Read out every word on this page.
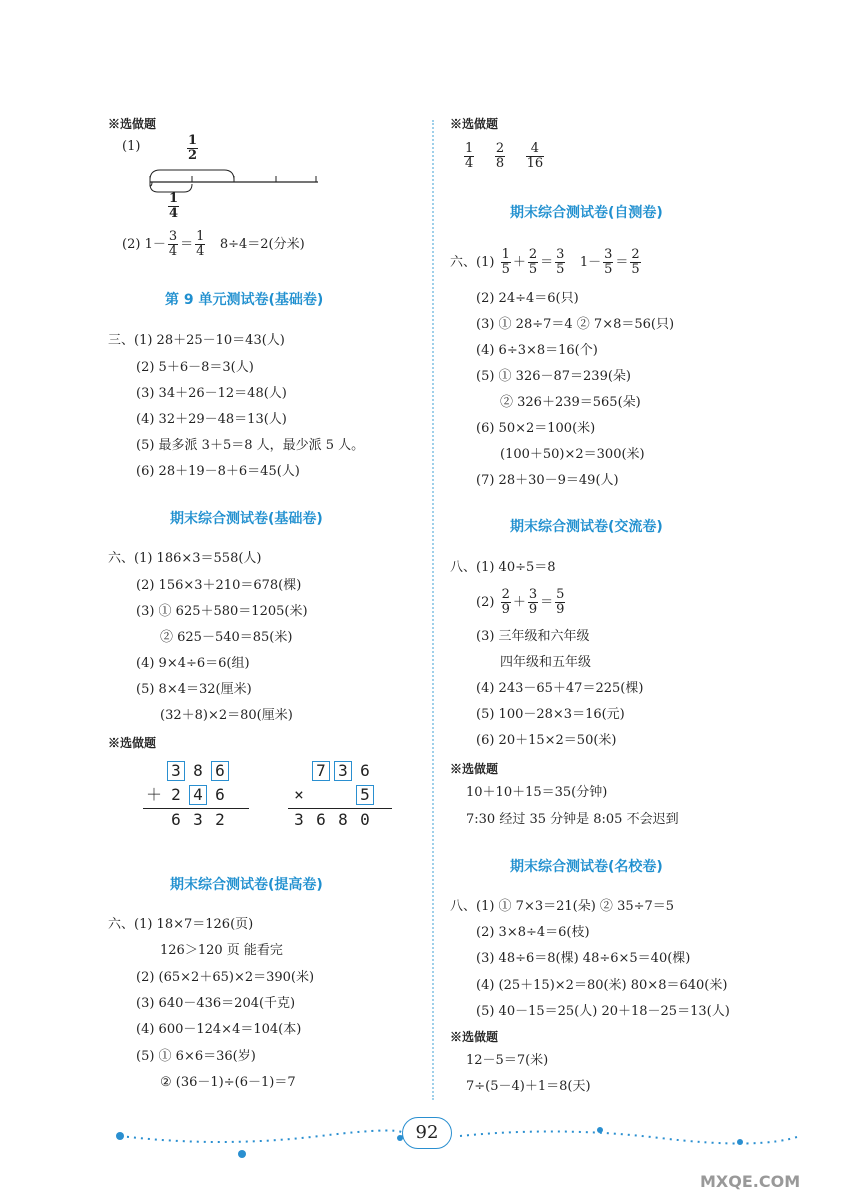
※选做题
(1)	$\frac{1}{2}$
$\frac{1}{4}$
(2) $1- \frac{3}{4} = \frac{1}{4} 8\div 4=2$(分米)
第 9 单元测试卷(基础卷)
三、(1) 28＋25－10＝43(人)
(2) 5＋6－8＝3(人)
(3) 34＋26－12＝48(人)
(4) 32＋29－48＝13(人)
(5) 最多派 3＋5＝8 人，最少派 5 人。
(6) 28＋19－8＋6＝45(人)
期末综合测试卷(基础卷)
六、(1) 186×3＝558(人)
(2) 156×3＋210＝678(棵)
(3) ① 625＋580＝1205(米)
② 625－540＝85(米)
(4) 9×4÷6＝6(组)
(5) 8×4＝32(厘米)
(32＋8)×2＝80(厘米)
※选做题
3 8 6
＋ 2 4 6
6 3 2
7 3 6
×	5
3 6 8 0
期末综合测试卷(提高卷)
六、(1) 18×7＝126(页)
126＞120 页 能看完
(2) (65×2＋65)×2＝390(米)
(3) 640－436＝204(千克)
(4) 600－124×4＝104(本)
(5) ① 6×6＝36(岁)
② (36－1)÷(6－1)＝7
※选做题
$\frac{1}{4}$
$\frac{2}{8}$
$\frac{4}{16}$
期末综合测试卷(自测卷)
六、$(1) \frac{1}{5} + \frac{2}{5} = \frac{3}{5} 1- \frac{3}{5} = \frac{2}{5}$
(2) 24÷4＝6(只)
(3) ① 28÷7＝4 ② 7×8＝56(只)
(4) 6÷3×8＝16(个)
(5) ① 326－87＝239(朵)
② 326＋239＝565(朵)
(6) 50×2＝100(米)
(100＋50)×2＝300(米)
(7) 28＋30－9＝49(人)
期末综合测试卷(交流卷)
八、(1) 40÷5＝8
$(2) \frac{2}{9} + \frac{3}{9} = \frac{5}{9}$
(3) 三年级和六年级
四年级和五年级
(4) 243－65＋47＝225(棵)
(5) 100－28×3＝16(元)
(6) 20＋15×2＝50(米)
※选做题
10＋10＋15＝35(分钟)
7:30 经过 35 分钟是 8:05 不会迟到
期末综合测试卷(名校卷)
八、(1) ① 7×3＝21(朵) ② 35÷7＝5
(2) 3×8÷4＝6(枝)
(3) 48÷6＝8(棵) 48÷6×5＝40(棵)
(4) (25＋15)×2＝80(米) 80×8＝640(米)
(5) 40－15＝25(人) 20＋18－25＝13(人)
※选做题
12－5＝7(米)
7÷(5－4)＋1＝8(天)
92
MXQE.COM
